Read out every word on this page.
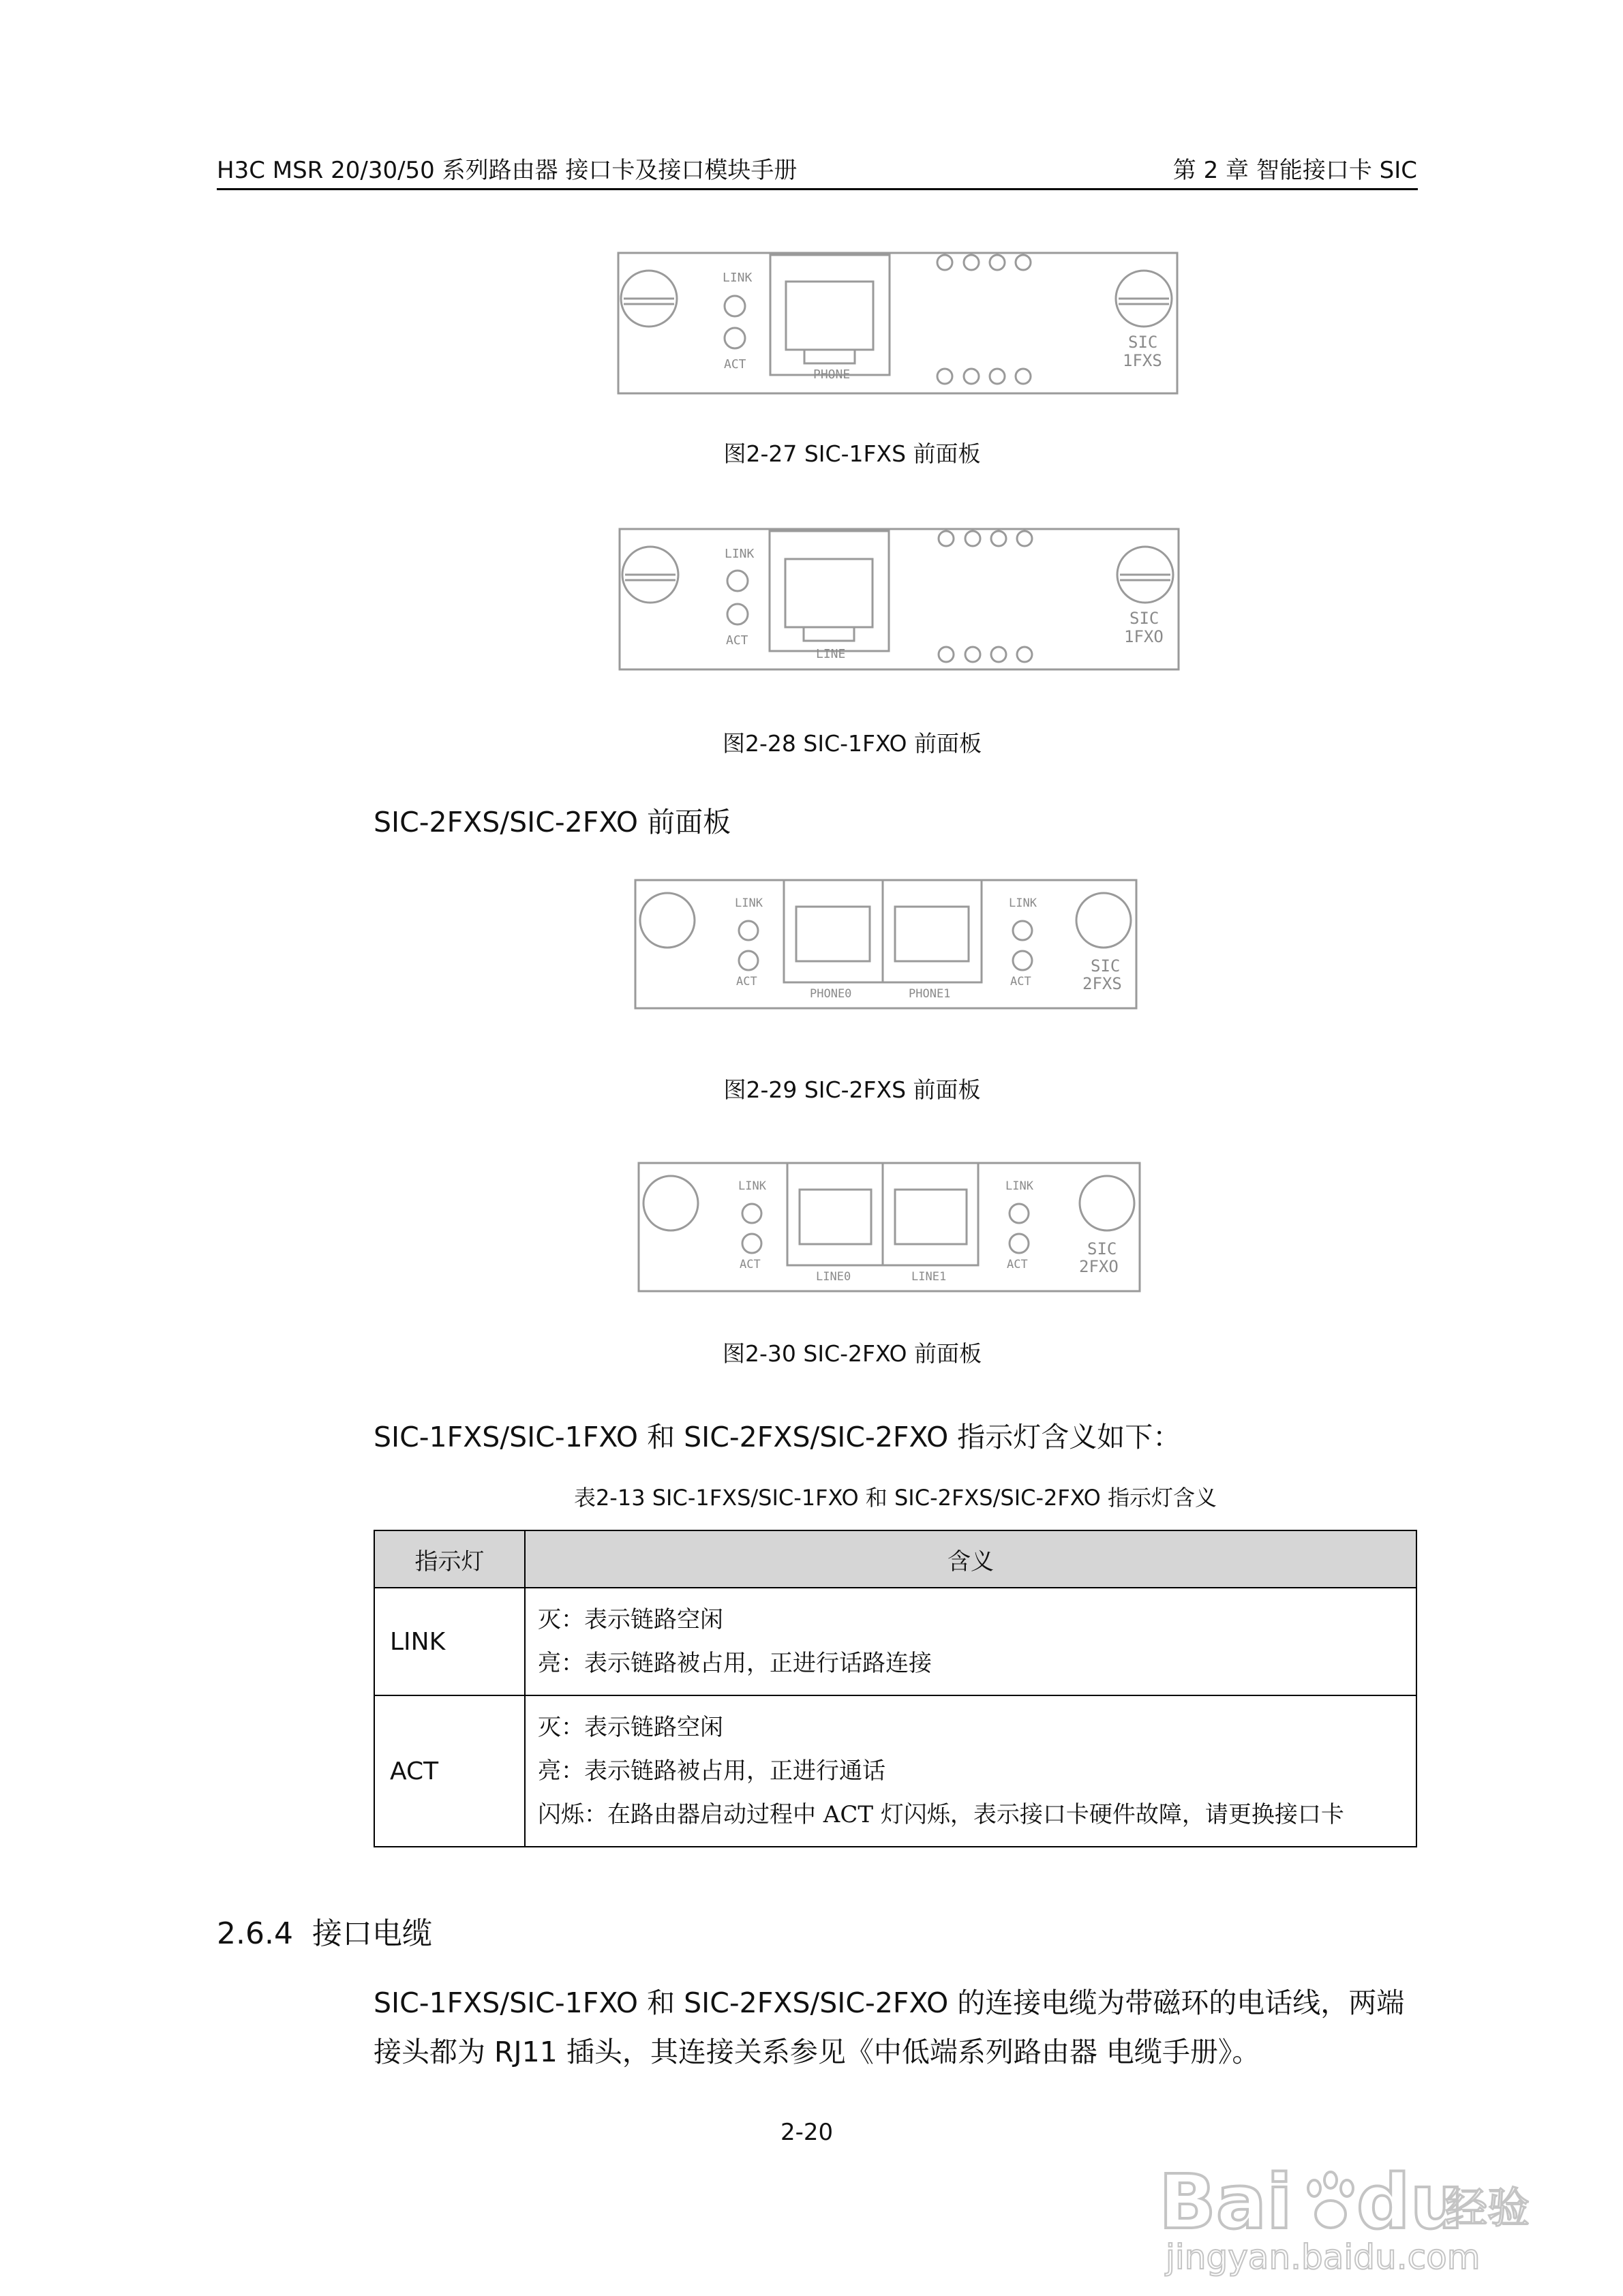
H3C MSR 20/30/50 系列路由器 接口卡及接口模块手册	第 2 章 智能接口卡 SIC
LINK
ACT
PHONE
SIC
1FXS
图2-27 SIC-1FXS 前面板
LINK
ACT
LINE
SIC
1FXO
图2-28 SIC-1FXO 前面板
SIC-2FXS/SIC-2FXO 前面板
LINK
ACT
LINK
ACT
PHONE0	PHONE1
SIC
2FXS
图2-29 SIC-2FXS 前面板
LINK
ACT
LINK
ACT
LINE0	LINE1
SIC
2FXO
图2-30 SIC-2FXO 前面板
SIC-1FXS/SIC-1FXO 和 SIC-2FXS/SIC-2FXO 指示灯含义如下：
表2-13 SIC-1FXS/SIC-1FXO 和 SIC-2FXS/SIC-2FXO 指示灯含义
指示灯	含义
LINK	灭：表示链路空闲
亮：表示链路被占用，正进行话路连接

ACT	灭：表示链路空闲
亮：表示链路被占用，正进行通话
闪烁：在路由器启动过程中 ACT 灯闪烁，表示接口卡硬件故障，请更换接口卡
2.6.4 接口电缆
SIC-1FXS/SIC-1FXO 和 SIC-2FXS/SIC-2FXO 的连接电缆为带磁环的电话线，两端
接头都为 RJ11 插头，其连接关系参见《中低端系列路由器 电缆手册》。
2-20
Bai du
经验
jingyan.baidu.com
